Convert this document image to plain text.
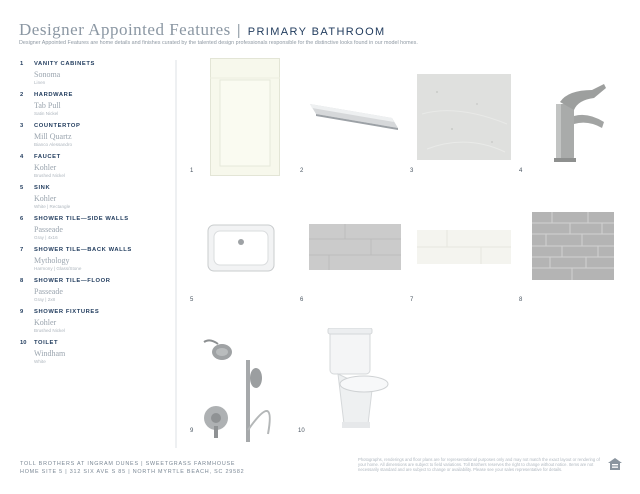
Designer Appointed Features | PRIMARY BATHROOM
Designer Appointed Features are home details and finishes curated by the talented design professionals responsible for the distinctive looks found in our model homes.
1 VANITY CABINETS
Sonoma
Linen
2 HARDWARE
Tab Pull
Satin Nickel
3 COUNTERTOP
Mill Quartz
Bianco Alessandro
4 FAUCET
Kohler
Brushed Nickel
5 SINK
Kohler
White | Rectangle
6 SHOWER TILE—SIDE WALLS
Passeade
Gray | 4x16
7 SHOWER TILE—BACK WALLS
Mythology
Harmony | Glass/Stone
8 SHOWER TILE—FLOOR
Passeade
Gray | 2x8
9 SHOWER FIXTURES
Kohler
Brushed Nickel
10 TOILET
Windham
White
1	2	3	4
5	6	7	8
9	10
TOLL BROTHERS AT INGRAM DUNES | SWEETGRASS FARMHOUSE
HOME SITE 5 | 312 SIX AVE S 85 | NORTH MYRTLE BEACH, SC 29582
Photographs, renderings and floor plans are for representational purposes only and may not match the exact layout or rendering of your home. All dimensions are subject to field variations. Toll Brothers reserves the right to change without notice. Items are not necessarily standard and are subject to change or availability. Please see your sales representative for details.
